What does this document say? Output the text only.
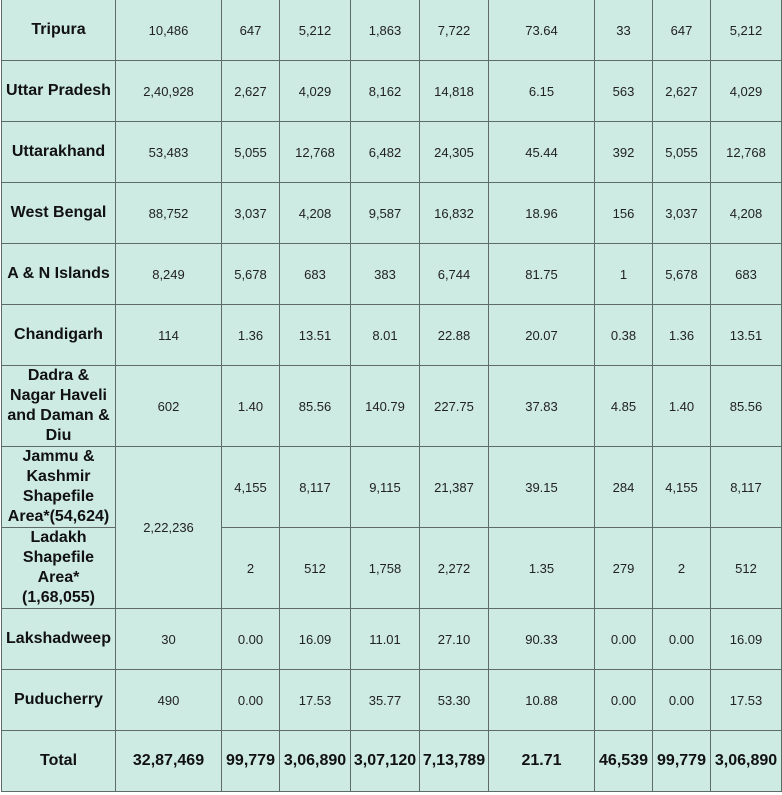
Tripura	10,486	647	5,212	1,863	7,722	73.64	33	647	5,212
Uttar Pradesh	2,40,928	2,627	4,029	8,162	14,818	6.15	563	2,627	4,029
Uttarakhand	53,483	5,055	12,768	6,482	24,305	45.44	392	5,055	12,768
West Bengal	88,752	3,037	4,208	9,587	16,832	18.96	156	3,037	4,208
A & N Islands	8,249	5,678	683	383	6,744	81.75	1	5,678	683
Chandigarh	114	1.36	13.51	8.01	22.88	20.07	0.38	1.36	13.51
Dadra & Nagar Haveli and Daman & Diu	602	1.40	85.56	140.79	227.75	37.83	4.85	1.40	85.56
Jammu & Kashmir Shapefile Area*(54,624)	2,22,236	4,155	8,117	9,115	21,387	39.15	284	4,155	8,117
Ladakh Shapefile Area* (1,68,055)		2	512	1,758	2,272	1.35	279	2	512
Lakshadweep	30	0.00	16.09	11.01	27.10	90.33	0.00	0.00	16.09
Puducherry	490	0.00	17.53	35.77	53.30	10.88	0.00	0.00	17.53
Total	32,87,469	99,779	3,06,890	3,07,120	7,13,789	21.71	46,539	99,779	3,06,890
